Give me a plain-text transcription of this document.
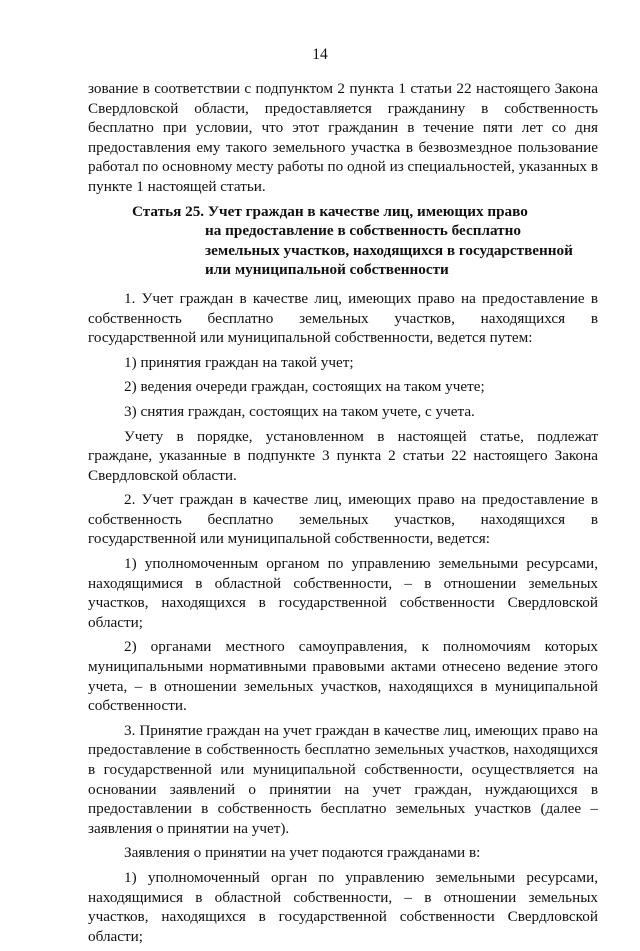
14

зование в соответствии с подпунктом 2 пункта 1 статьи 22 настоящего Закона Свердловской области, предоставляется гражданину в собственность бесплатно при условии, что этот гражданин в течение пяти лет со дня предоставления ему такого земельного участка в безвозмездное пользование работал по основному месту работы по одной из специальностей, указанных в пункте 1 настоящей статьи.

Статья 25. Учет граждан в качестве лиц, имеющих право
на предоставление в собственность бесплатно
земельных участков, находящихся в государственной
или муниципальной собственности

1. Учет граждан в качестве лиц, имеющих право на предоставление в собственность бесплатно земельных участков, находящихся в государственной или муниципальной собственности, ведется путем:

1) принятия граждан на такой учет;

2) ведения очереди граждан, состоящих на таком учете;

3) снятия граждан, состоящих на таком учете, с учета.

Учету в порядке, установленном в настоящей статье, подлежат граждане, указанные в подпункте 3 пункта 2 статьи 22 настоящего Закона Свердловской области.

2. Учет граждан в качестве лиц, имеющих право на предоставление в собственность бесплатно земельных участков, находящихся в государственной или муниципальной собственности, ведется:

1) уполномоченным органом по управлению земельными ресурсами, находящимися в областной собственности, – в отношении земельных участков, находящихся в государственной собственности Свердловской области;

2) органами местного самоуправления, к полномочиям которых муниципальными нормативными правовыми актами отнесено ведение этого учета, – в отношении земельных участков, находящихся в муниципальной собственности.

3. Принятие граждан на учет граждан в качестве лиц, имеющих право на предоставление в собственность бесплатно земельных участков, находящихся в государственной или муниципальной собственности, осуществляется на основании заявлений о принятии на учет граждан, нуждающихся в предоставлении в собственность бесплатно земельных участков (далее – заявления о принятии на учет).

Заявления о принятии на учет подаются гражданами в:

1) уполномоченный орган по управлению земельными ресурсами, находящимися в областной собственности, – в отношении земельных участков, находящихся в государственной собственности Свердловской области;
